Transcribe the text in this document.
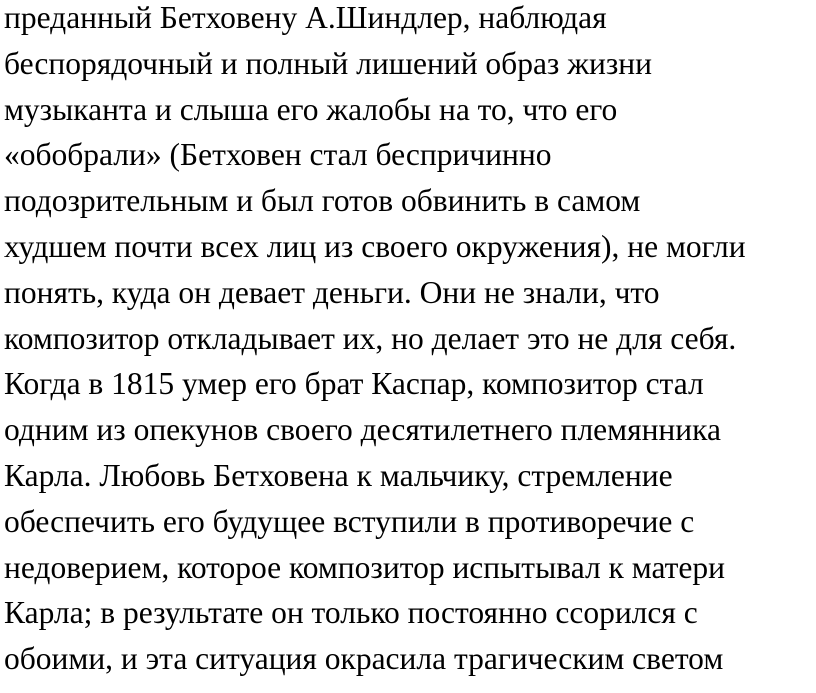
преданный Бетховену А.Шиндлер, наблюдая
беспорядочный и полный лишений образ жизни
музыканта и слыша его жалобы на то, что его
«обобрали» (Бетховен стал беспричинно
подозрительным и был готов обвинить в самом
худшем почти всех лиц из своего окружения), не могли
понять, куда он девает деньги. Они не знали, что
композитор откладывает их, но делает это не для себя.
Когда в 1815 умер его брат Каспар, композитор стал
одним из опекунов своего десятилетнего племянника
Карла. Любовь Бетховена к мальчику, стремление
обеспечить его будущее вступили в противоречие с
недоверием, которое композитор испытывал к матери
Карла; в результате он только постоянно ссорился с
обоими, и эта ситуация окрасила трагическим светом
